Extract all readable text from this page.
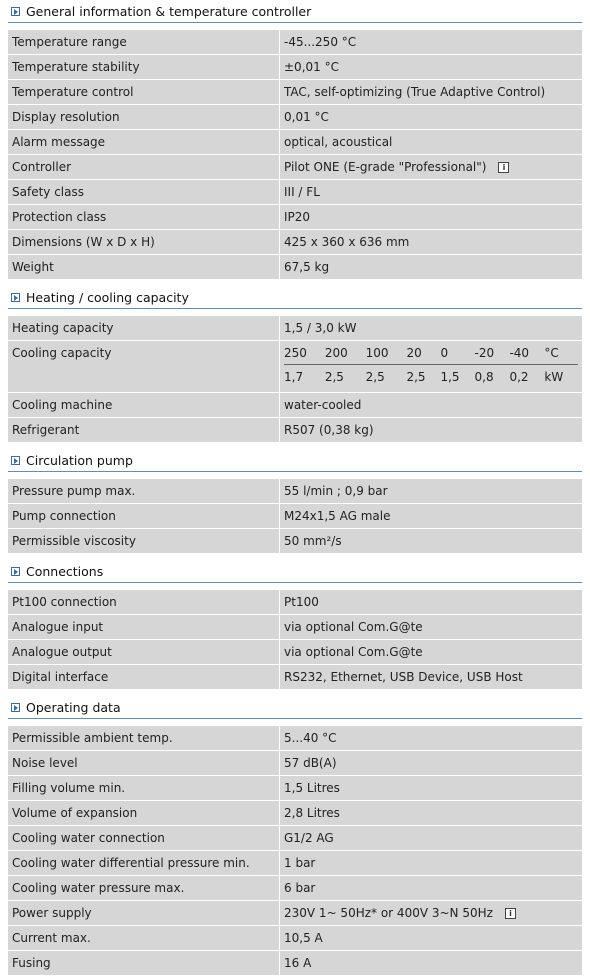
General information & temperature controller
Temperature range	-45...250 °C
Temperature stability	±0,01 °C
Temperature control	TAC, self-optimizing (True Adaptive Control)
Display resolution	0,01 °C
Alarm message	optical, acoustical
Controller	Pilot ONE (E-grade "Professional")	i
Safety class	III / FL
Protection class	IP20
Dimensions (W x D x H)	425 x 360 x 636 mm
Weight	67,5 kg
Heating / cooling capacity
Heating capacity	1,5 / 3,0 kW
Cooling capacity	250	200	100	20	0	-20	-40	°C
1,7	2,5	2,5	2,5	1,5	0,8	0,2	kW
Cooling machine	water-cooled
Refrigerant	R507 (0,38 kg)
Circulation pump
Pressure pump max.	55 l/min ; 0,9 bar
Pump connection	M24x1,5 AG male
Permissible viscosity	50 mm²/s
Connections
Pt100 connection	Pt100
Analogue input	via optional Com.G@te
Analogue output	via optional Com.G@te
Digital interface	RS232, Ethernet, USB Device, USB Host
Operating data
Permissible ambient temp.	5...40 °C
Noise level	57 dB(A)
Filling volume min.	1,5 Litres
Volume of expansion	2,8 Litres
Cooling water connection	G1/2 AG
Cooling water differential pressure min.	1 bar
Cooling water pressure max.	6 bar
Power supply	230V 1~ 50Hz* or 400V 3~N 50Hz	i
Current max.	10,5 A
Fusing	16 A
